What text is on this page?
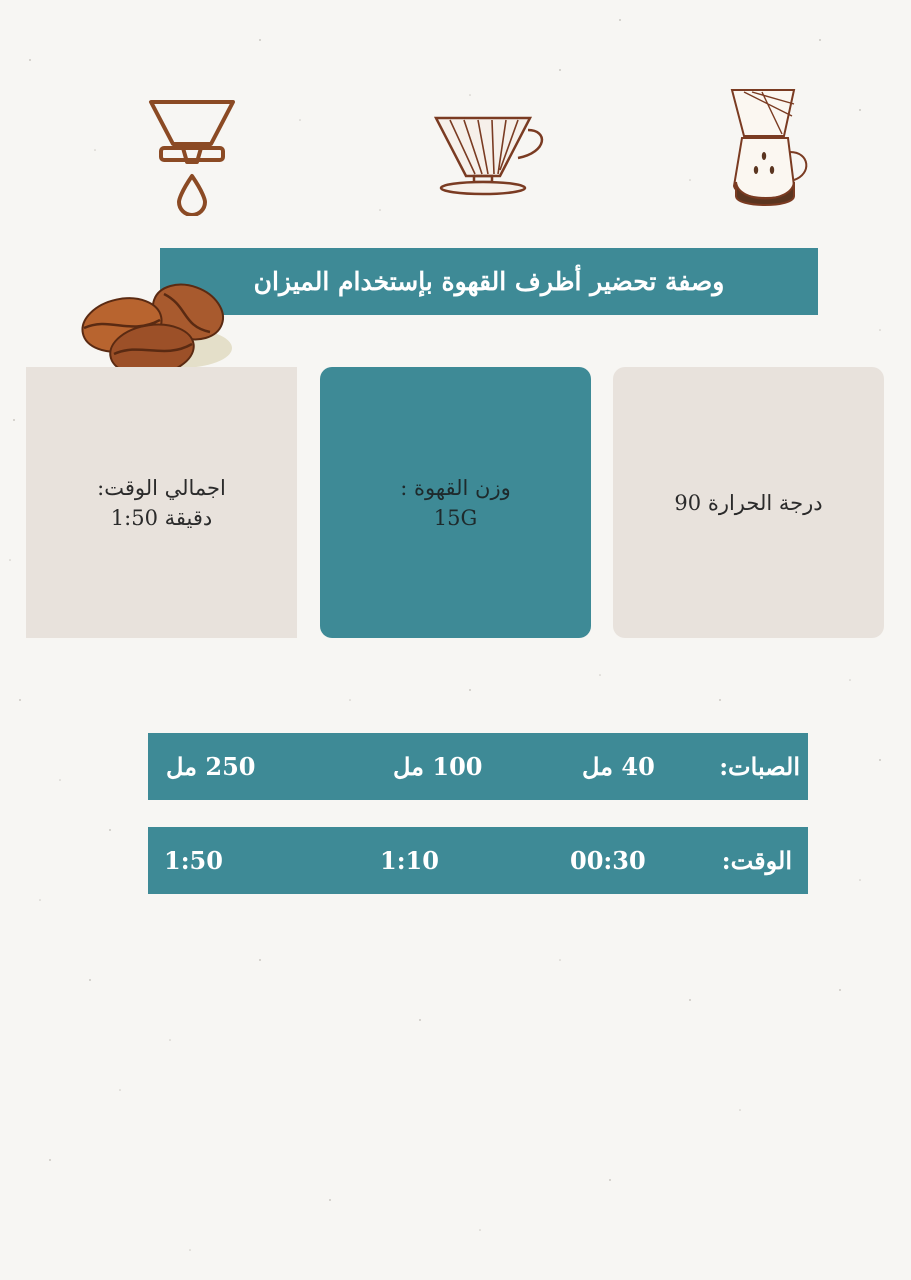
وصفة تحضير أظرف القهوة بإستخدام الميزان
اجمالي الوقت:
دقيقة 1:50
وزن القهوة :
15G
درجة الحرارة 90
الصبات:
40 مل
100 مل
250 مل
الوقت:
00:30
1:10
1:50
